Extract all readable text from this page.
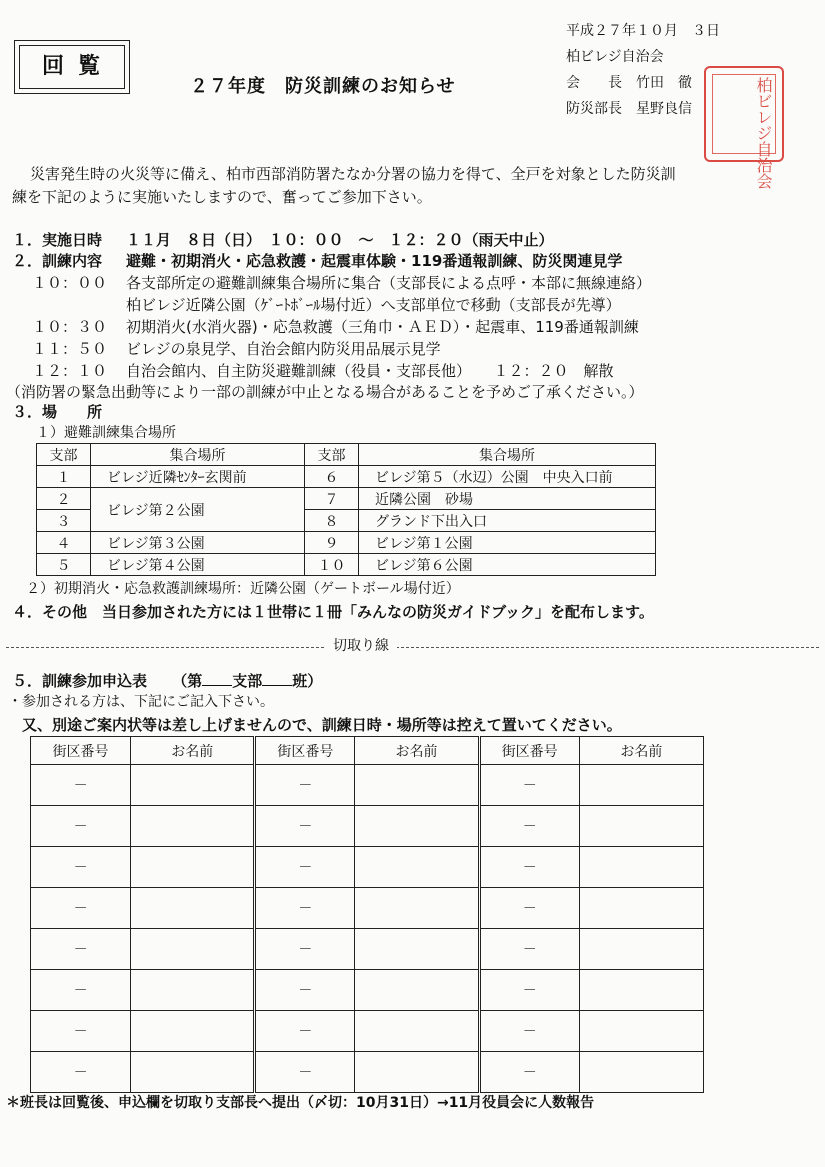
回覧
２７年度　防災訓練のお知らせ
平成２７年１０月　３日
柏ビレジ自治会
会　　長　竹田　徹
防災部長　星野良信	柏ビレジ自治会
災害発生時の火災等に備え、柏市西部消防署たなか分署の協力を得て、全戸を対象とした防災訓
練を下記のように実施いたしますので、奮ってご参加下さい。
１．実施日時 １１月　８日（日）　１０：００　～　１２：２０（雨天中止）
２．訓練内容 避難・初期消火・応急救護・起震車体験・119番通報訓練、防災関連見学
１０：００ 各支部所定の避難訓練集合場所に集合（支部長による点呼・本部に無線連絡）
柏ビレジ近隣公園（ｹﾞｰﾄﾎﾞｰﾙ場付近）へ支部単位で移動（支部長が先導）
１０：３０ 初期消火(水消火器)・応急救護（三角巾・ＡＥＤ）・起震車、119番通報訓練
１１：５０ ビレジの泉見学、自治会館内防災用品展示見学
１２：１０ 自治会館内、自主防災避難訓練（役員・支部長他）　　１２：２０　解散
（消防署の緊急出動等により一部の訓練が中止となる場合があることを予めご了承ください。）
３．場　　所
１）避難訓練集合場所
支部	集合場所	支部	集合場所
１	ビレジ近隣ｾﾝﾀｰ玄関前	６	ビレジ第５（水辺）公園　中央入口前
２	ビレジ第２公園	７	近隣公園　砂場
３		８	グランド下出入口
４	ビレジ第３公園	９	ビレジ第１公園
５	ビレジ第４公園	１０	ビレジ第６公園
２）初期消火・応急救護訓練場所：近隣公園（ゲートボール場付近）
４．その他　当日参加された方には１世帯に１冊「みんなの防災ガイドブック」を配布します。
切取り線
５．訓練参加申込表 （第 支部 班）
・参加される方は、下記にご記入下さい。
又、別途ご案内状等は差し上げませんので、訓練日時・場所等は控えて置いてください。
街区番号	お名前	街区番号	お名前	街区番号	お名前
－		－		－	
－		－		－	
－		－		－	
－		－		－	
－		－		－	
－		－		－	
－		－		－	
－		－		－	
＊班長は回覧後、申込欄を切取り支部長へ提出（〆切：10月31日）→11月役員会に人数報告
